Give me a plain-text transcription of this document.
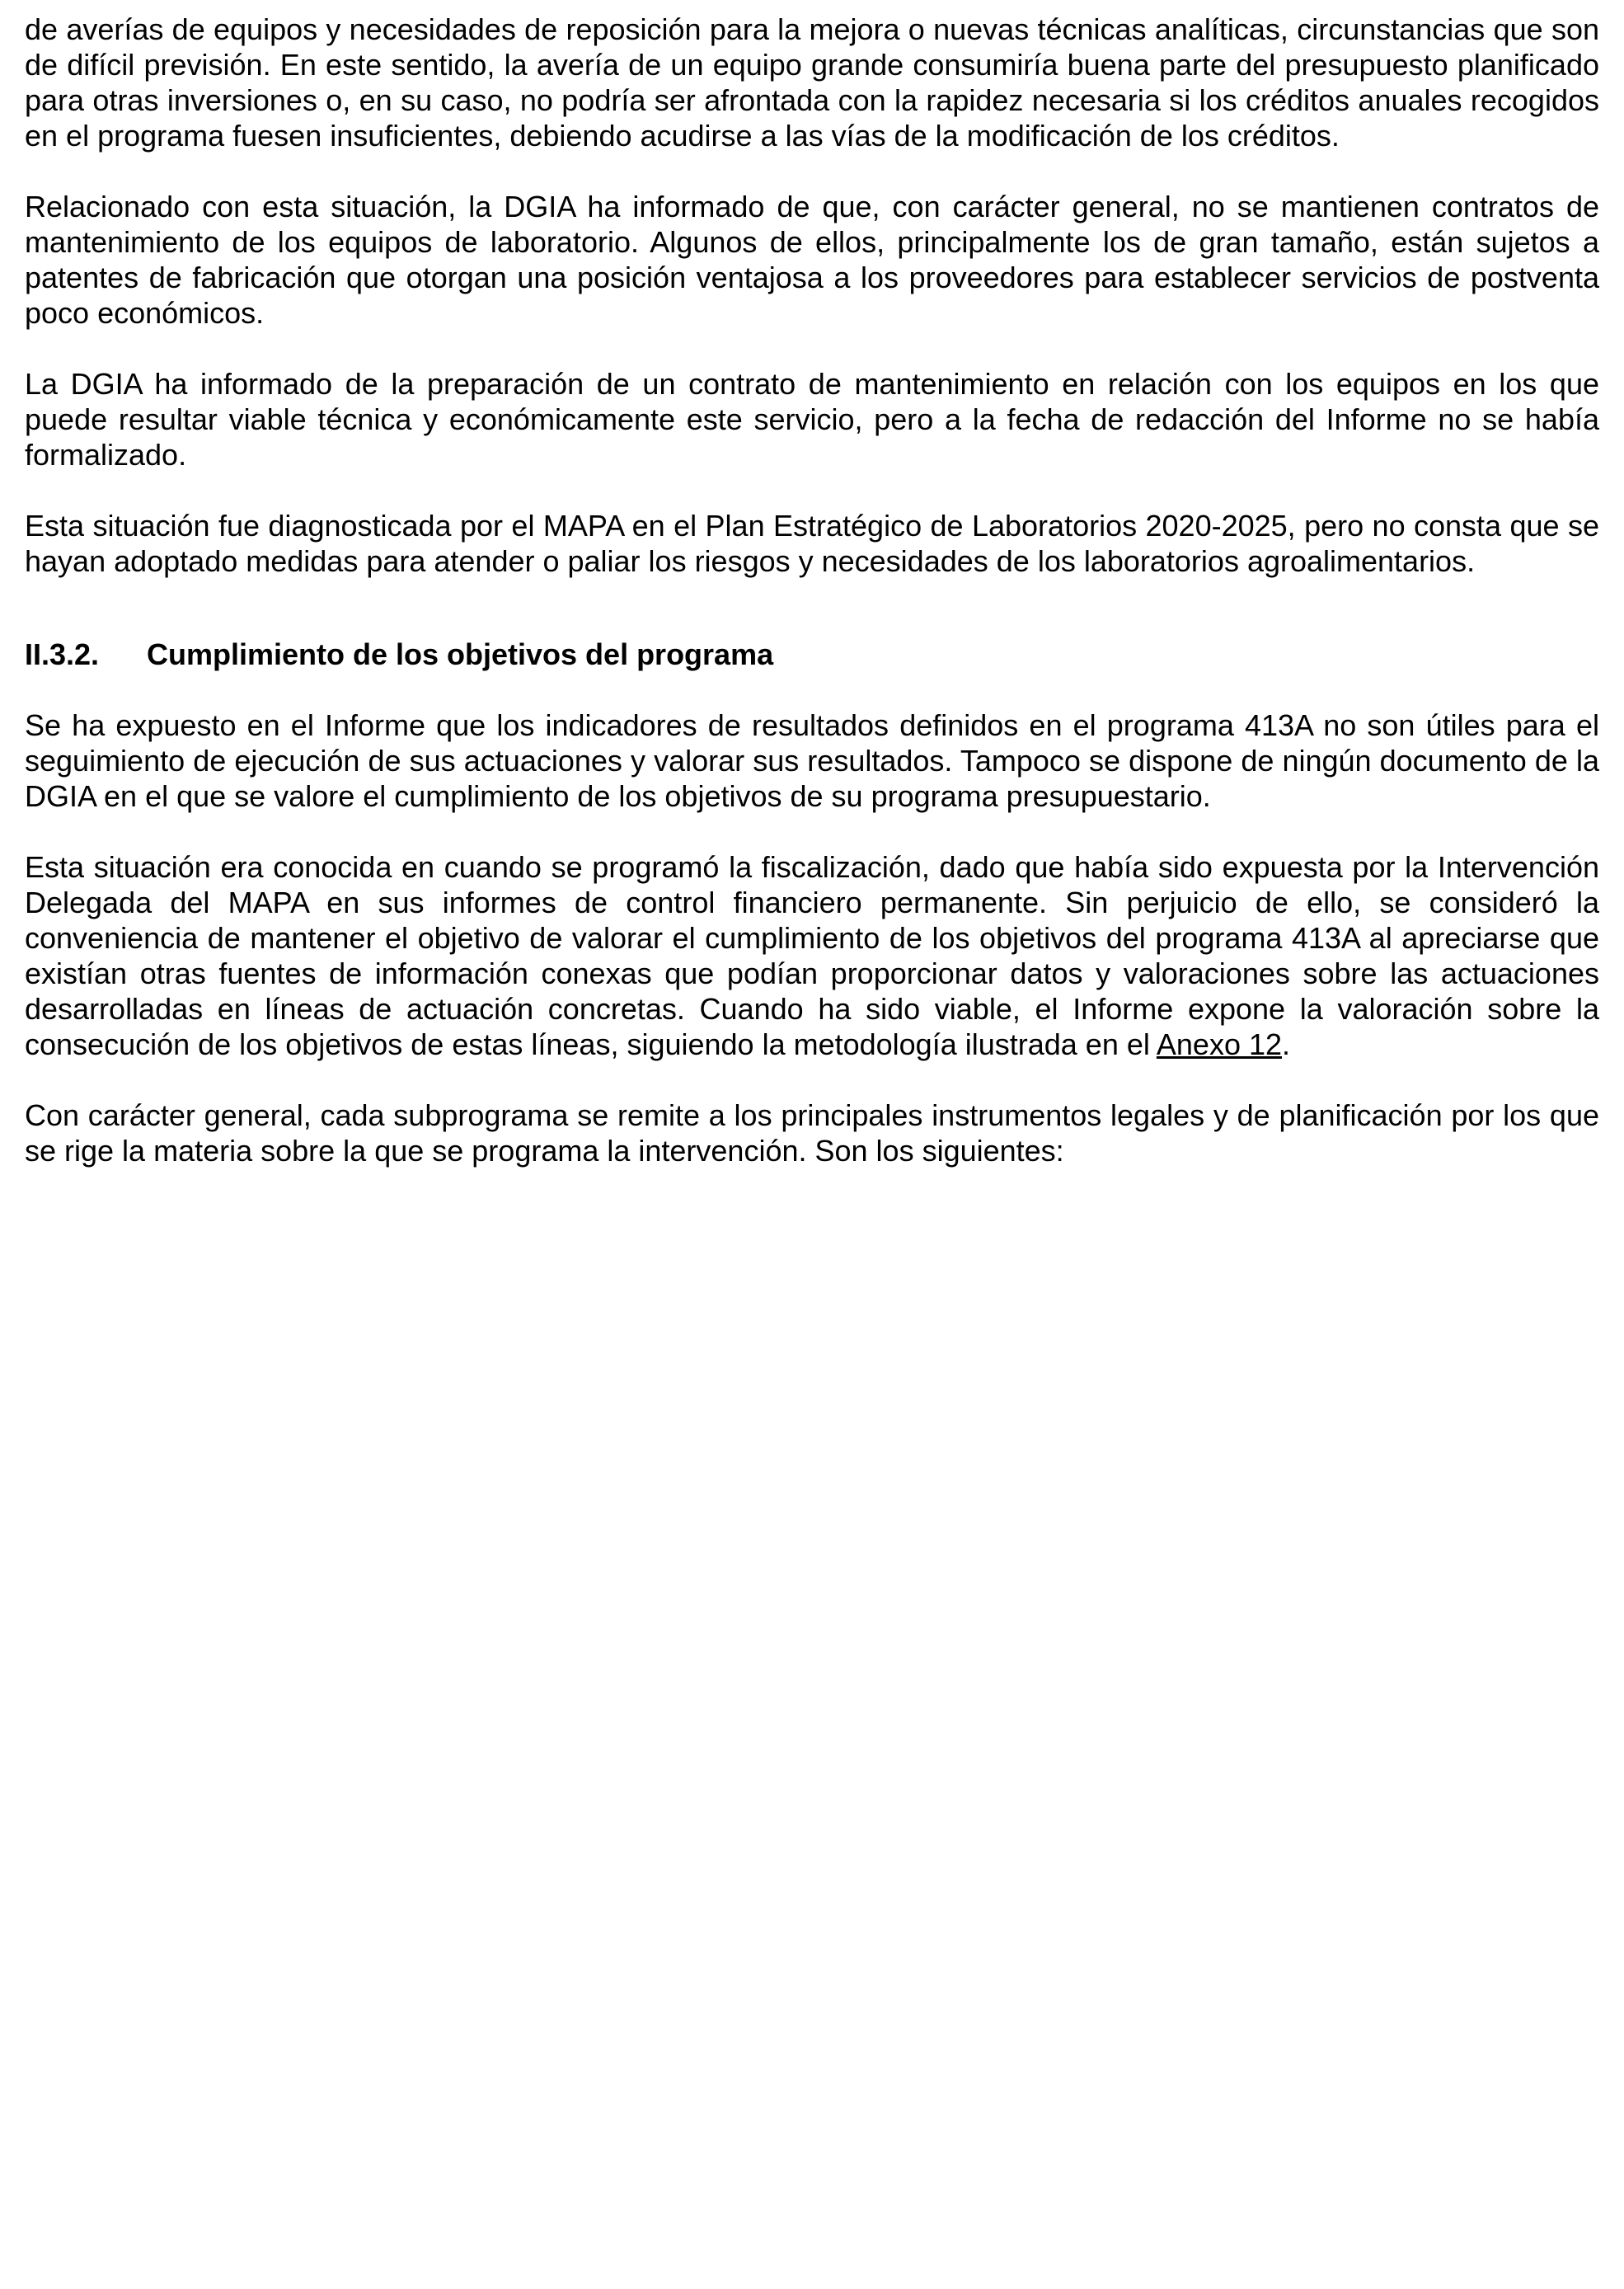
de averías de equipos y necesidades de reposición para la mejora o nuevas técnicas analíticas, circunstancias que son de difícil previsión. En este sentido, la avería de un equipo grande consumiría buena parte del presupuesto planificado para otras inversiones o, en su caso, no podría ser afrontada con la rapidez necesaria si los créditos anuales recogidos en el programa fuesen insuficientes, debiendo acudirse a las vías de la modificación de los créditos.

Relacionado con esta situación, la DGIA ha informado de que, con carácter general, no se mantienen contratos de mantenimiento de los equipos de laboratorio. Algunos de ellos, principalmente los de gran tamaño, están sujetos a patentes de fabricación que otorgan una posición ventajosa a los proveedores para establecer servicios de postventa poco económicos.

La DGIA ha informado de la preparación de un contrato de mantenimiento en relación con los equipos en los que puede resultar viable técnica y económicamente este servicio, pero a la fecha de redacción del Informe no se había formalizado.

Esta situación fue diagnosticada por el MAPA en el Plan Estratégico de Laboratorios 2020-2025, pero no consta que se hayan adoptado medidas para atender o paliar los riesgos y necesidades de los laboratorios agroalimentarios.

II.3.2. Cumplimiento de los objetivos del programa

Se ha expuesto en el Informe que los indicadores de resultados definidos en el programa 413A no son útiles para el seguimiento de ejecución de sus actuaciones y valorar sus resultados. Tampoco se dispone de ningún documento de la DGIA en el que se valore el cumplimiento de los objetivos de su programa presupuestario.

Esta situación era conocida en cuando se programó la fiscalización, dado que había sido expuesta por la Intervención Delegada del MAPA en sus informes de control financiero permanente. Sin perjuicio de ello, se consideró la conveniencia de mantener el objetivo de valorar el cumplimiento de los objetivos del programa 413A al apreciarse que existían otras fuentes de información conexas que podían proporcionar datos y valoraciones sobre las actuaciones desarrolladas en líneas de actuación concretas. Cuando ha sido viable, el Informe expone la valoración sobre la consecución de los objetivos de estas líneas, siguiendo la metodología ilustrada en el Anexo 12.

Con carácter general, cada subprograma se remite a los principales instrumentos legales y de planificación por los que se rige la materia sobre la que se programa la intervención. Son los siguientes:
